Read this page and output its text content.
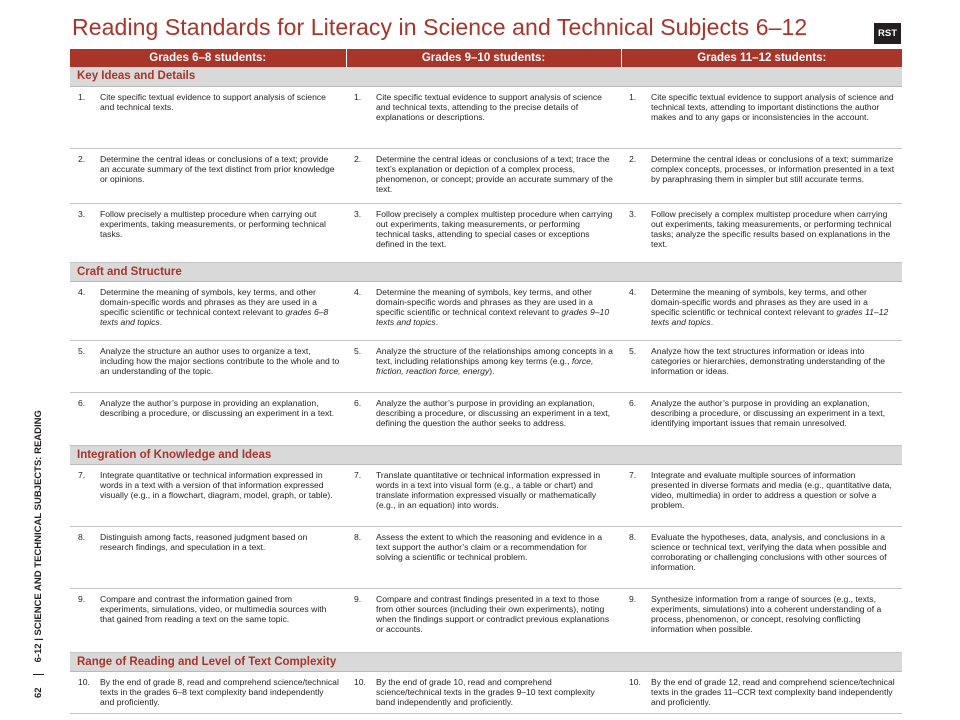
Reading Standards for Literacy in Science and Technical Subjects 6–12	RST
62
6-12 | SCIENCE AND TECHNICAL SUBJECTS: READING
Grades 6–8 students:	Grades 9–10 students:	Grades 11–12 students:
Key Ideas and Details		

1. Cite specific textual evidence to support analysis of science and technical texts.	1. Cite specific textual evidence to support analysis of science and technical texts, attending to the precise details of explanations or descriptions.	1. Cite specific textual evidence to support analysis of science and technical texts, attending to important distinctions the author makes and to any gaps or inconsistencies in the account.

2. Determine the central ideas or conclusions of a text; provide an accurate summary of the text distinct from prior knowledge or opinions.	2. Determine the central ideas or conclusions of a text; trace the text’s explanation or depiction of a complex process, phenomenon, or concept; provide an accurate summary of the text.	2. Determine the central ideas or conclusions of a text; summarize complex concepts, processes, or information presented in a text by paraphrasing them in simpler but still accurate terms.

3. Follow precisely a multistep procedure when carrying out experiments, taking measurements, or performing technical tasks.	3. Follow precisely a complex multistep procedure when carrying out experiments, taking measurements, or performing technical tasks, attending to special cases or exceptions defined in the text.	3. Follow precisely a complex multistep procedure when carrying out experiments, taking measurements, or performing technical tasks; analyze the specific results based on explanations in the text.

Craft and Structure		

4. Determine the meaning of symbols, key terms, and other domain-specific words and phrases as they are used in a specific scientific or technical context relevant to grades 6–8 texts and topics.	4. Determine the meaning of symbols, key terms, and other domain-specific words and phrases as they are used in a specific scientific or technical context relevant to grades 9–10 texts and topics.	4. Determine the meaning of symbols, key terms, and other domain-specific words and phrases as they are used in a specific scientific or technical context relevant to grades 11–12 texts and topics.

5. Analyze the structure an author uses to organize a text, including how the major sections contribute to the whole and to an understanding of the topic.	5. Analyze the structure of the relationships among concepts in a text, including relationships among key terms (e.g., force, friction, reaction force, energy).	5. Analyze how the text structures information or ideas into categories or hierarchies, demonstrating understanding of the information or ideas.

6. Analyze the author’s purpose in providing an explanation, describing a procedure, or discussing an experiment in a text.	6. Analyze the author’s purpose in providing an explanation, describing a procedure, or discussing an experiment in a text, defining the question the author seeks to address.	6. Analyze the author’s purpose in providing an explanation, describing a procedure, or discussing an experiment in a text, identifying important issues that remain unresolved.

Integration of Knowledge and Ideas		

7. Integrate quantitative or technical information expressed in words in a text with a version of that information expressed visually (e.g., in a flowchart, diagram, model, graph, or table).	7. Translate quantitative or technical information expressed in words in a text into visual form (e.g., a table or chart) and translate information expressed visually or mathematically (e.g., in an equation) into words.	7. Integrate and evaluate multiple sources of information presented in diverse formats and media (e.g., quantitative data, video, multimedia) in order to address a question or solve a problem.

8. Distinguish among facts, reasoned judgment based on research findings, and speculation in a text.	8. Assess the extent to which the reasoning and evidence in a text support the author’s claim or a recommendation for solving a scientific or technical problem.	8. Evaluate the hypotheses, data, analysis, and conclusions in a science or technical text, verifying the data when possible and corroborating or challenging conclusions with other sources of information.

9. Compare and contrast the information gained from experiments, simulations, video, or multimedia sources with that gained from reading a text on the same topic.	9. Compare and contrast findings presented in a text to those from other sources (including their own experiments), noting when the findings support or contradict previous explanations or accounts.	9. Synthesize information from a range of sources (e.g., texts, experiments, simulations) into a coherent understanding of a process, phenomenon, or concept, resolving conflicting information when possible.

Range of Reading and Level of Text Complexity		

10. By the end of grade 8, read and comprehend science/technical texts in the grades 6–8 text complexity band independently and proficiently.	10. By the end of grade 10, read and comprehend science/technical texts in the grades 9–10 text complexity band independently and proficiently.	10. By the end of grade 12, read and comprehend science/technical texts in the grades 11–CCR text complexity band independently and proficiently.
